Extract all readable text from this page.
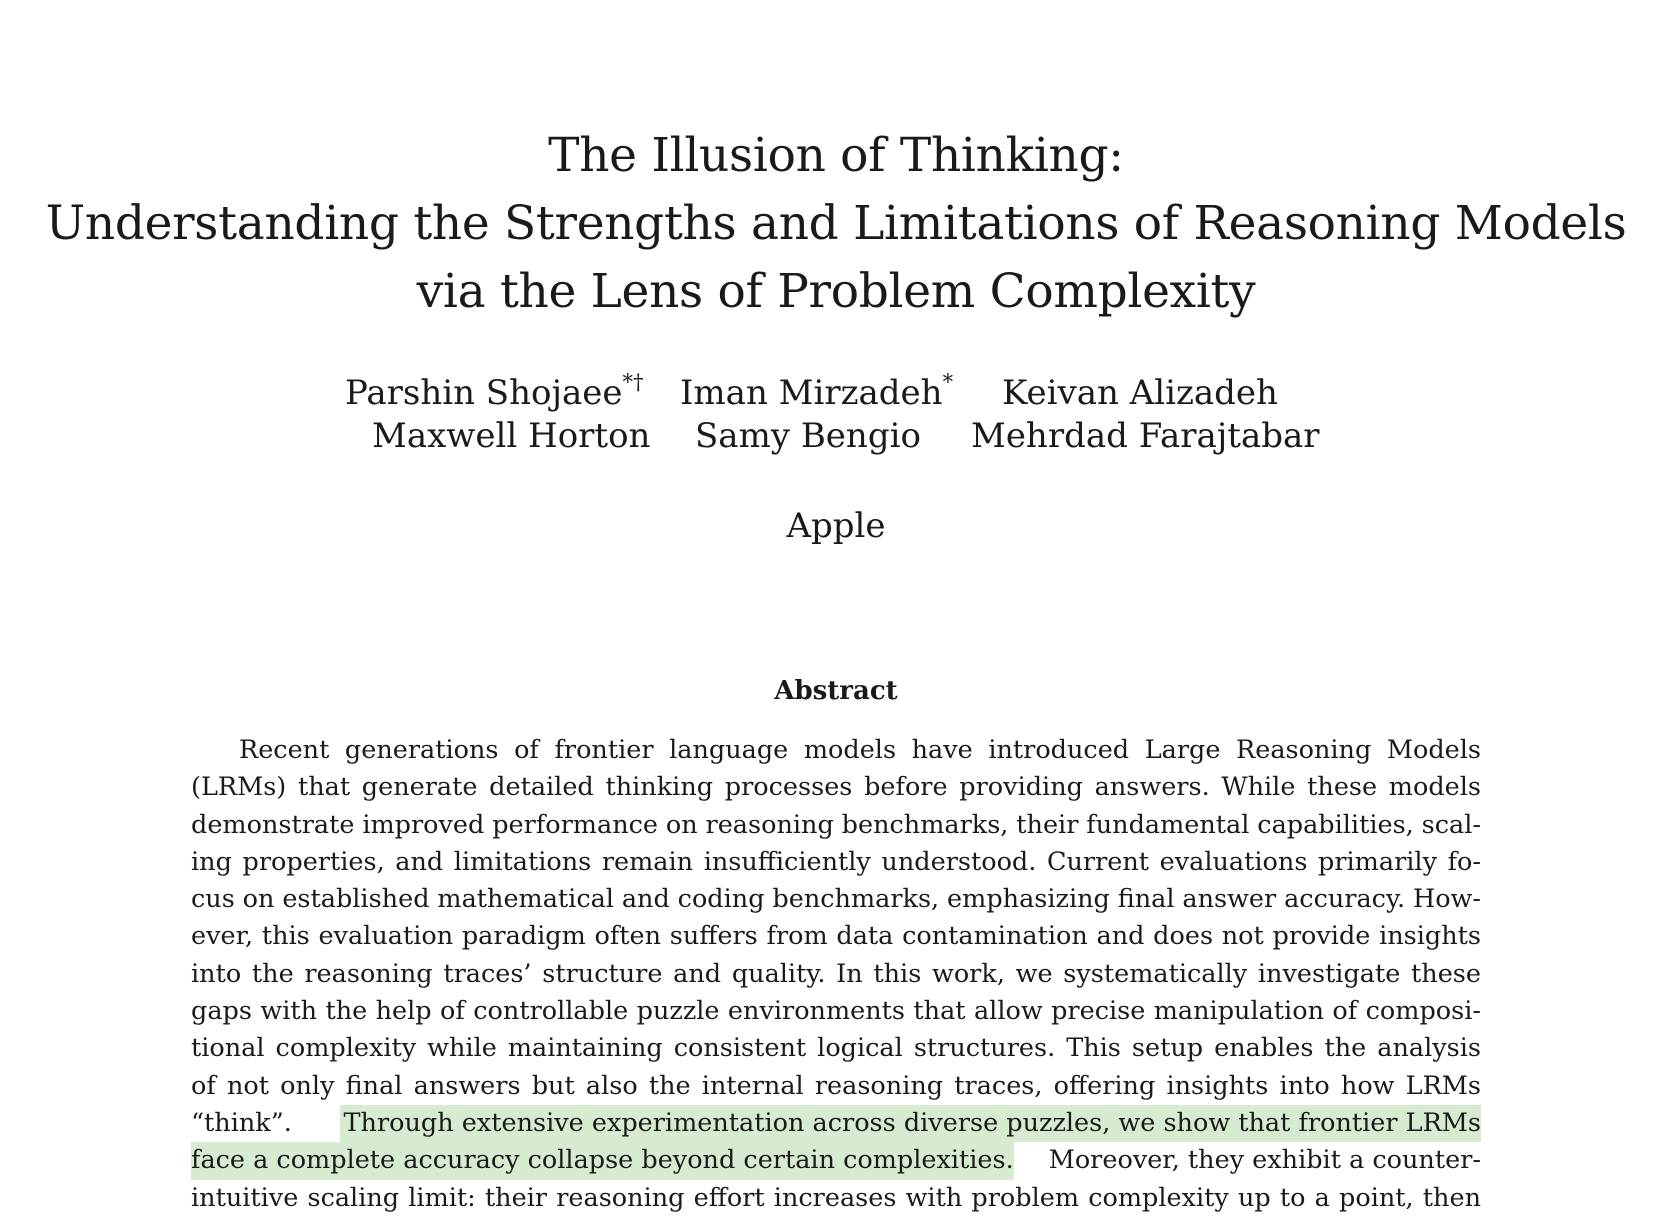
The Illusion of Thinking:
Understanding the Strengths and Limitations of Reasoning Models
via the Lens of Problem Complexity
Parshin Shojaee*† Iman Mirzadeh* Keivan Alizadeh
Maxwell Horton Samy Bengio Mehrdad Farajtabar
Apple
Abstract
Recent generations of frontier language models have introduced Large Reasoning Models
(LRMs) that generate detailed thinking processes before providing answers. While these models
demonstrate improved performance on reasoning benchmarks, their fundamental capabilities, scal-
ing properties, and limitations remain insufficiently understood. Current evaluations primarily fo-
cus on established mathematical and coding benchmarks, emphasizing final answer accuracy. How-
ever, this evaluation paradigm often suffers from data contamination and does not provide insights
into the reasoning traces’ structure and quality. In this work, we systematically investigate these
gaps with the help of controllable puzzle environments that allow precise manipulation of composi-
tional complexity while maintaining consistent logical structures. This setup enables the analysis
of not only final answers but also the internal reasoning traces, offering insights into how LRMs
“think”. Through extensive experimentation across diverse puzzles, we show that frontier LRMs
face a complete accuracy collapse beyond certain complexities. Moreover, they exhibit a counter-
intuitive scaling limit: their reasoning effort increases with problem complexity up to a point, then
